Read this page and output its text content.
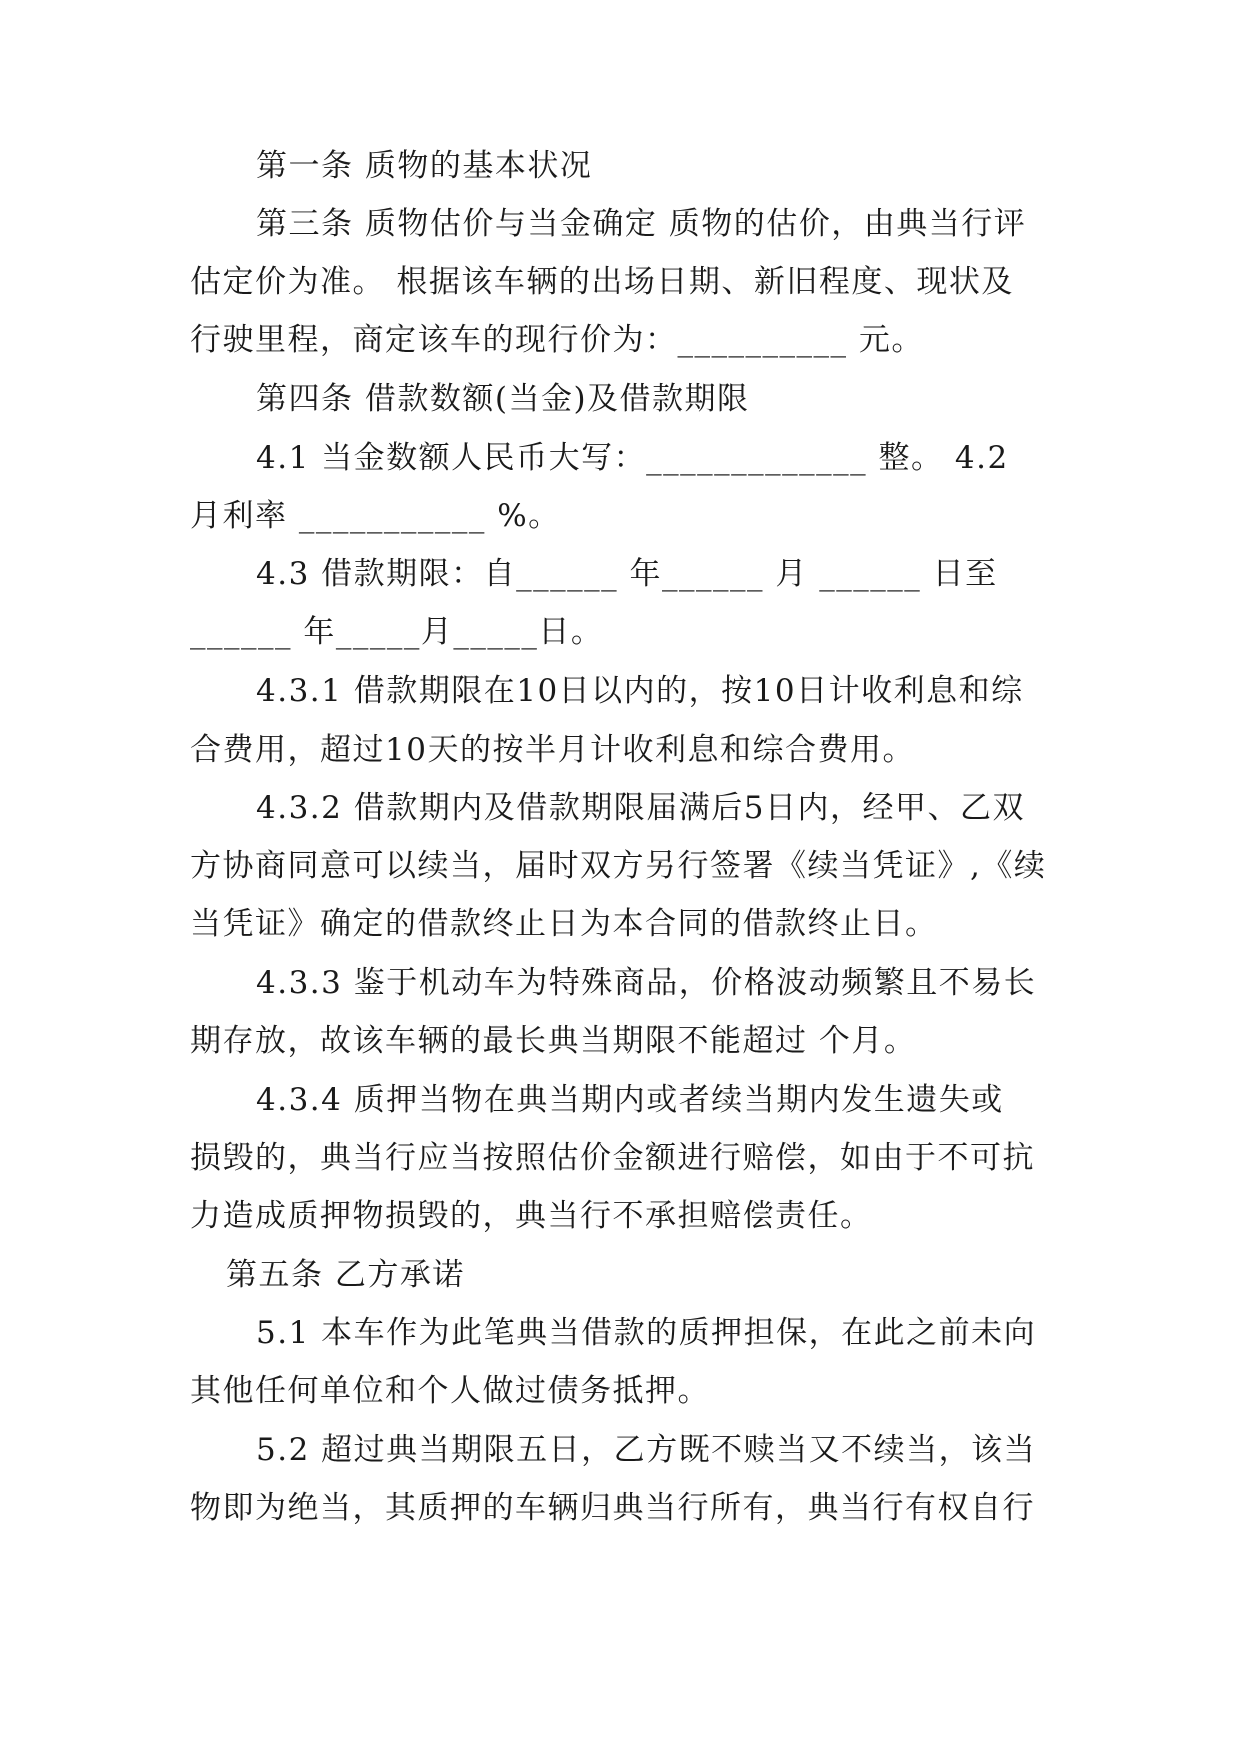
第一条 质物的基本状况
第三条 质物估价与当金确定 质物的估价，由典当行评
估定价为准。 根据该车辆的出场日期、新旧程度、现状及
行驶里程，商定该车的现行价为：__________ 元。
第四条 借款数额(当金)及借款期限
4.1 当金数额人民币大写：_____________ 整。 4.2
月利率 ___________ %。
4.3 借款期限：自______ 年______ 月 ______ 日至
______ 年_____月_____日。
4.3.1 借款期限在10日以内的，按10日计收利息和综
合费用，超过10天的按半月计收利息和综合费用。
4.3.2 借款期内及借款期限届满后5日内，经甲、乙双
方协商同意可以续当，届时双方另行签署《续当凭证》,《续
当凭证》确定的借款终止日为本合同的借款终止日。
4.3.3 鉴于机动车为特殊商品，价格波动频繁且不易长
期存放，故该车辆的最长典当期限不能超过 个月。
4.3.4 质押当物在典当期内或者续当期内发生遗失或
损毁的，典当行应当按照估价金额进行赔偿，如由于不可抗
力造成质押物损毁的，典当行不承担赔偿责任。
第五条 乙方承诺
5.1 本车作为此笔典当借款的质押担保，在此之前未向
其他任何单位和个人做过债务抵押。
5.2 超过典当期限五日，乙方既不赎当又不续当，该当
物即为绝当，其质押的车辆归典当行所有，典当行有权自行
